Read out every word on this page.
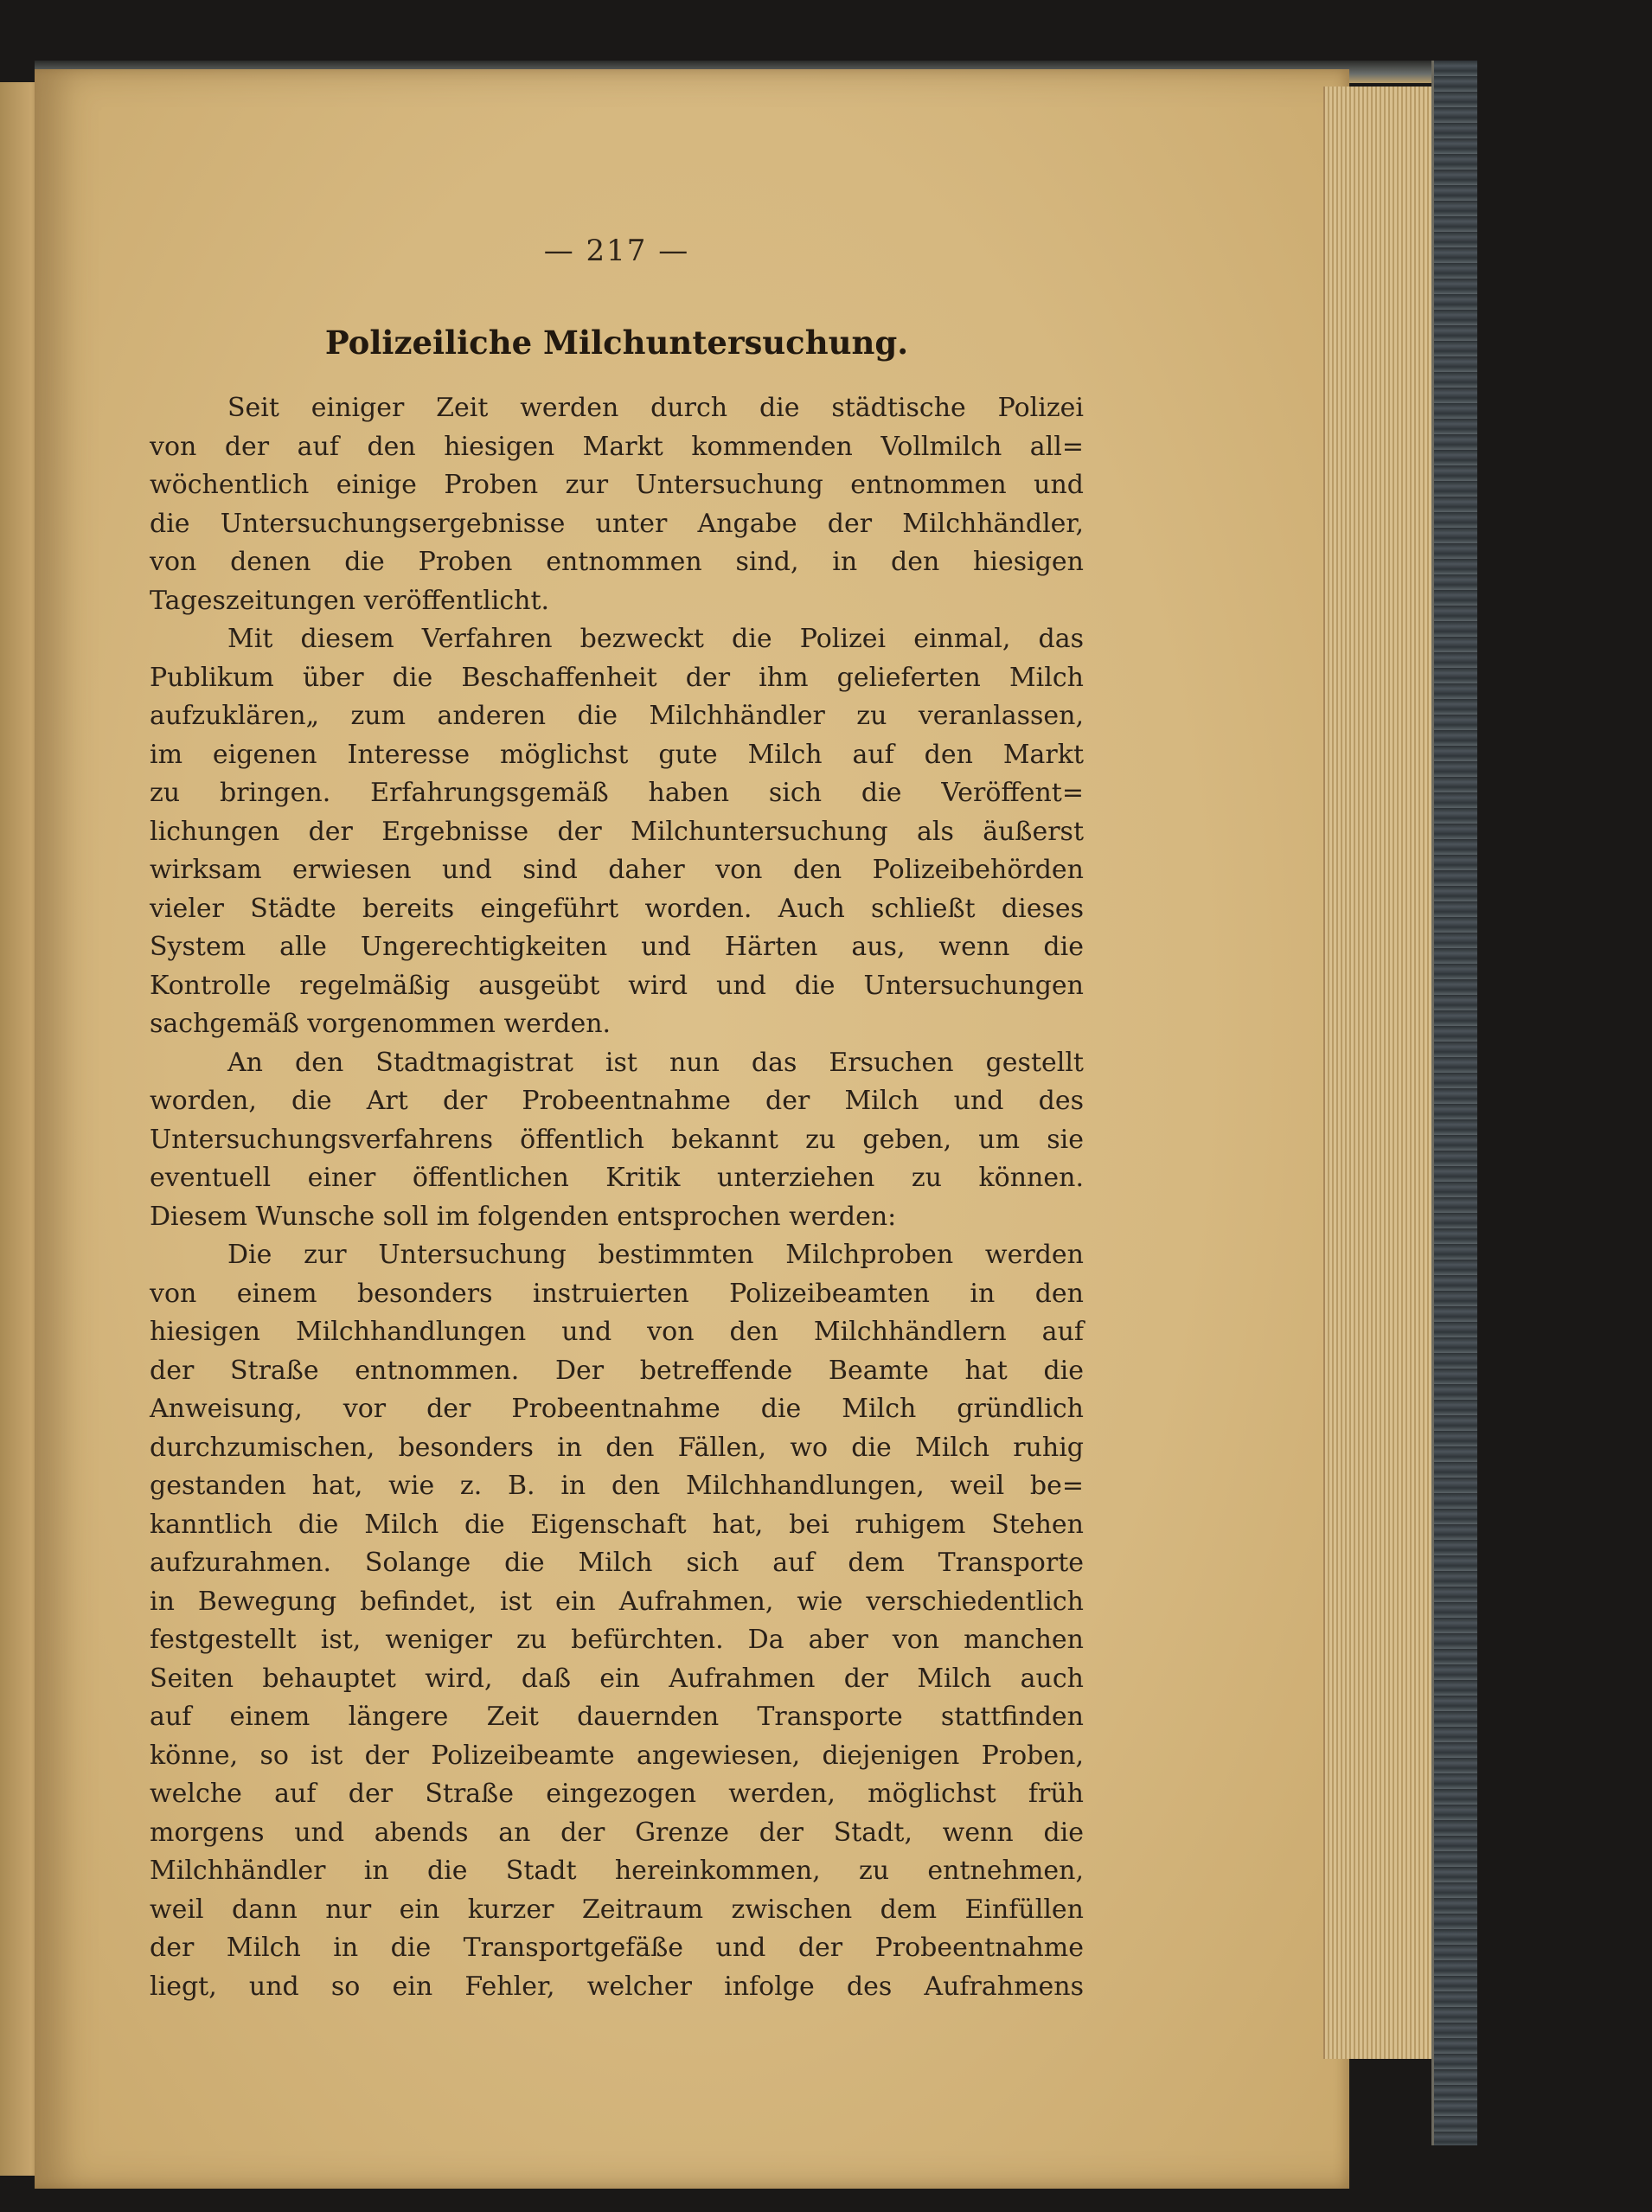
— 217 —
Polizeiliche Milchuntersuchung.
Seit einiger Zeit werden durch die städtische Polizei
von der auf den hiesigen Markt kommenden Vollmilch all=
wöchentlich einige Proben zur Untersuchung entnommen und
die Untersuchungsergebnisse unter Angabe der Milchhändler,
von denen die Proben entnommen sind, in den hiesigen
Tageszeitungen veröffentlicht.
Mit diesem Verfahren bezweckt die Polizei einmal, das
Publikum über die Beschaffenheit der ihm gelieferten Milch
aufzuklären„ zum anderen die Milchhändler zu veranlassen,
im eigenen Interesse möglichst gute Milch auf den Markt
zu bringen. Erfahrungsgemäß haben sich die Veröffent=
lichungen der Ergebnisse der Milchuntersuchung als äußerst
wirksam erwiesen und sind daher von den Polizeibehörden
vieler Städte bereits eingeführt worden. Auch schließt dieses
System alle Ungerechtigkeiten und Härten aus, wenn die
Kontrolle regelmäßig ausgeübt wird und die Untersuchungen
sachgemäß vorgenommen werden.
An den Stadtmagistrat ist nun das Ersuchen gestellt
worden, die Art der Probeentnahme der Milch und des
Untersuchungsverfahrens öffentlich bekannt zu geben, um sie
eventuell einer öffentlichen Kritik unterziehen zu können.
Diesem Wunsche soll im folgenden entsprochen werden:
Die zur Untersuchung bestimmten Milchproben werden
von einem besonders instruierten Polizeibeamten in den
hiesigen Milchhandlungen und von den Milchhändlern auf
der Straße entnommen. Der betreffende Beamte hat die
Anweisung, vor der Probeentnahme die Milch gründlich
durchzumischen, besonders in den Fällen, wo die Milch ruhig
gestanden hat, wie z. B. in den Milchhandlungen, weil be=
kanntlich die Milch die Eigenschaft hat, bei ruhigem Stehen
aufzurahmen. Solange die Milch sich auf dem Transporte
in Bewegung befindet, ist ein Aufrahmen, wie verschiedentlich
festgestellt ist, weniger zu befürchten. Da aber von manchen
Seiten behauptet wird, daß ein Aufrahmen der Milch auch
auf einem längere Zeit dauernden Transporte stattfinden
könne, so ist der Polizeibeamte angewiesen, diejenigen Proben,
welche auf der Straße eingezogen werden, möglichst früh
morgens und abends an der Grenze der Stadt, wenn die
Milchhändler in die Stadt hereinkommen, zu entnehmen,
weil dann nur ein kurzer Zeitraum zwischen dem Einfüllen
der Milch in die Transportgefäße und der Probeentnahme
liegt, und so ein Fehler, welcher infolge des Aufrahmens
